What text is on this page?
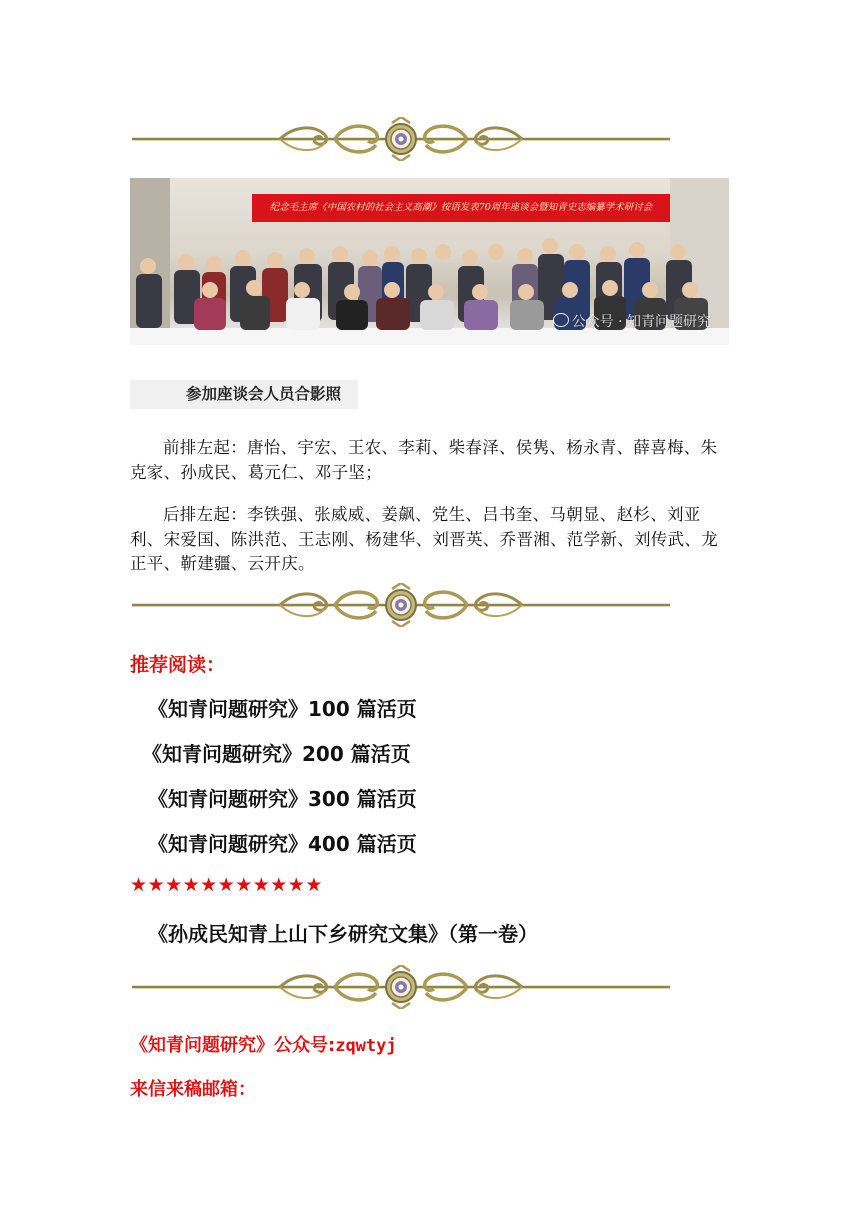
纪念毛主席《中国农村的社会主义高潮》按语发表70周年座谈会暨知青史志编纂学术研讨会
公众号 · 知青问题研究
参加座谈会人员合影照

前排左起：唐怡、宇宏、王农、李莉、柴春泽、侯隽、杨永青、薛喜梅、朱克家、孙成民、葛元仁、邓子坚；

后排左起：李铁强、张威威、姜飙、党生、吕书奎、马朝显、赵杉、刘亚利、宋爱国、陈洪范、王志刚、杨建华、刘晋英、乔晋湘、范学新、刘传武、龙正平、靳建疆、云开庆。

推荐阅读：

《知青问题研究》100 篇活页

《知青问题研究》200 篇活页

《知青问题研究》300 篇活页

《知青问题研究》400 篇活页

★★★★★★★★★★★

《孙成民知青上山下乡研究文集》（第一卷）

《知青问题研究》公众号:zqwtyj

来信来稿邮箱：
